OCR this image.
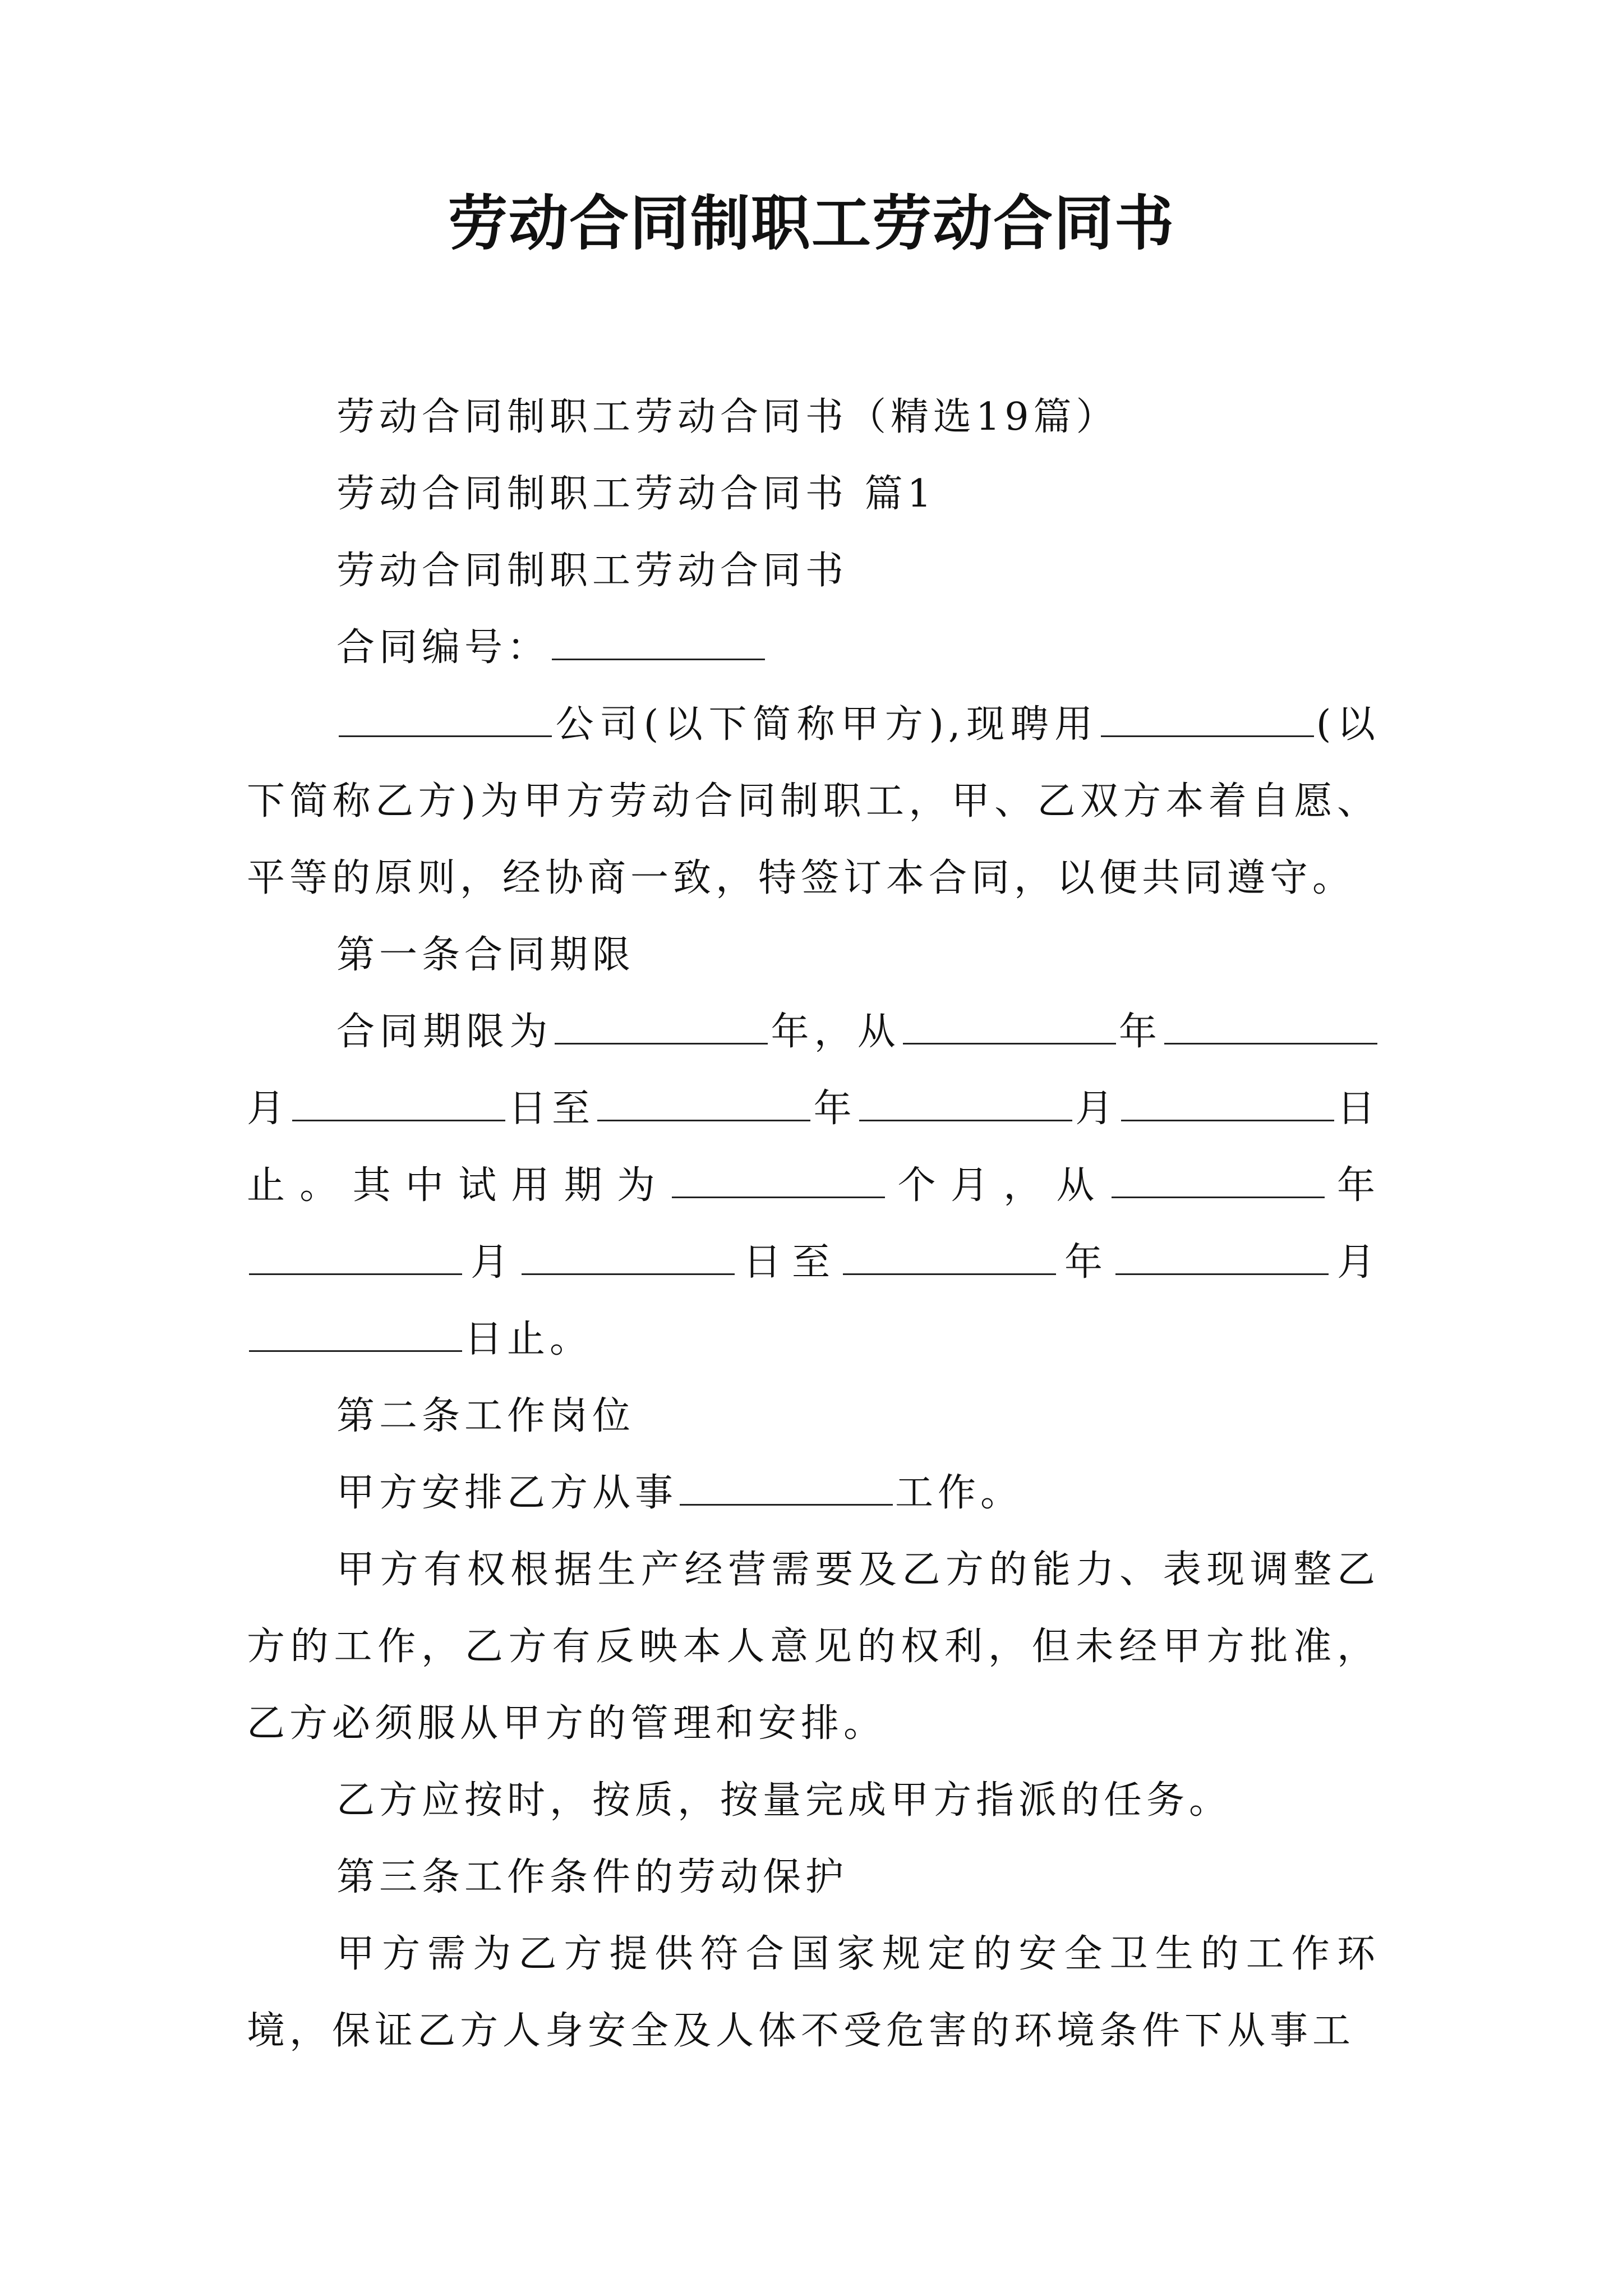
劳动合同制职工劳动合同书

劳动合同制职工劳动合同书（精选19篇）

劳动合同制职工劳动合同书 篇1

劳动合同制职工劳动合同书

合同编号：

公司(以下简称甲方),现聘用	(以下简称乙方)为甲方劳动合同制职工，甲、乙双方本着自愿、平等的原则，经协商一致，特签订本合同，以便共同遵守。

第一条合同期限

合同期限为	年，从	年月	日至	年	月	日止。其中试用期为	个月，从	年月	日至	年	月日止。

第二条工作岗位

甲方安排乙方从事	工作。

甲方有权根据生产经营需要及乙方的能力、表现调整乙方的工作，乙方有反映本人意见的权利，但未经甲方批准，乙方必须服从甲方的管理和安排。

乙方应按时，按质，按量完成甲方指派的任务。

第三条工作条件的劳动保护

甲方需为乙方提供符合国家规定的安全卫生的工作环境，保证乙方人身安全及人体不受危害的环境条件下从事工
